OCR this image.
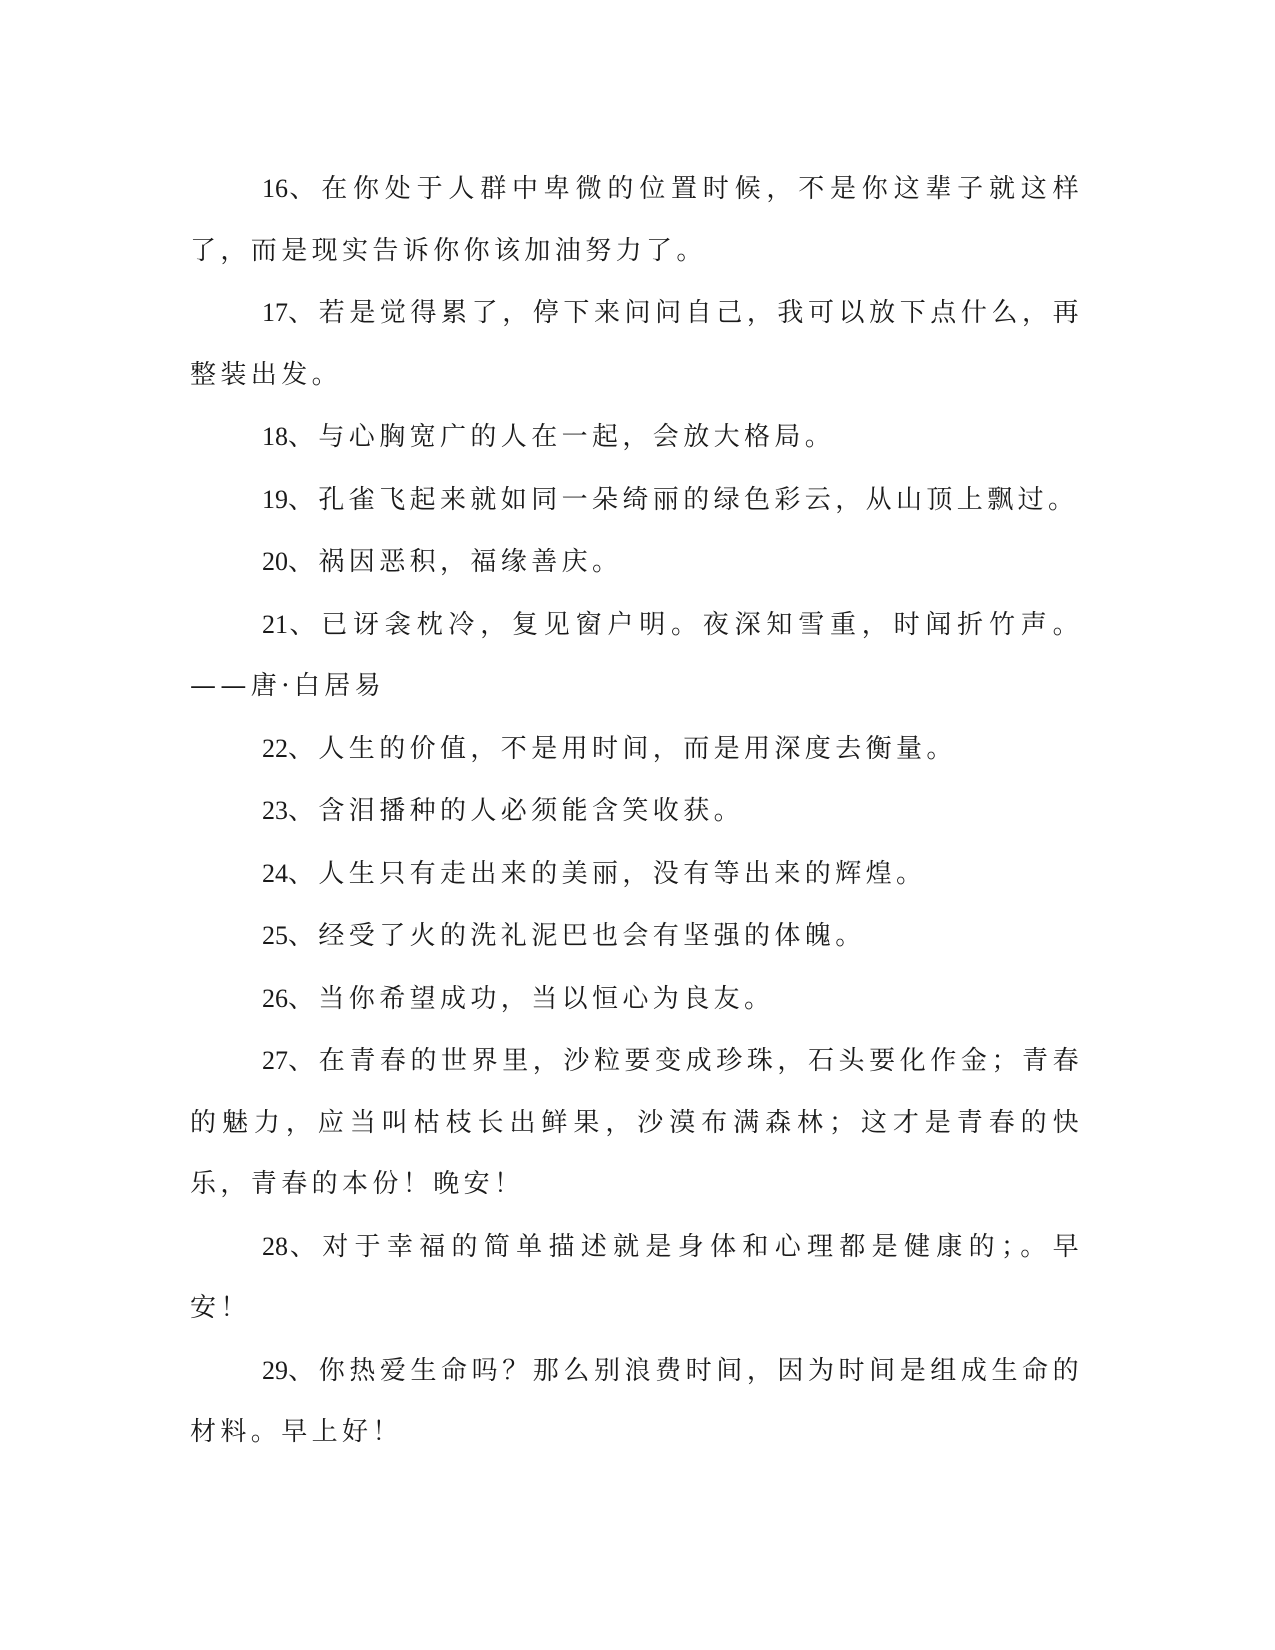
16、在你处于人群中卑微的位置时候，不是你这辈子就这样了，而是现实告诉你你该加油努力了。

17、若是觉得累了，停下来问问自己，我可以放下点什么，再整装出发。

18、与心胸宽广的人在一起，会放大格局。

19、孔雀飞起来就如同一朵绮丽的绿色彩云，从山顶上飘过。

20、祸因恶积，福缘善庆。

21、已讶衾枕冷，复见窗户明。夜深知雪重，时闻折竹声。——唐·白居易

22、人生的价值，不是用时间，而是用深度去衡量。

23、含泪播种的人必须能含笑收获。

24、人生只有走出来的美丽，没有等出来的辉煌。

25、经受了火的洗礼泥巴也会有坚强的体魄。

26、当你希望成功，当以恒心为良友。

27、在青春的世界里，沙粒要变成珍珠，石头要化作金；青春的魅力，应当叫枯枝长出鲜果，沙漠布满森林；这才是青春的快乐，青春的本份！晚安！

28、对于幸福的简单描述就是身体和心理都是健康的；。早安！

29、你热爱生命吗？那么别浪费时间，因为时间是组成生命的材料。早上好！
